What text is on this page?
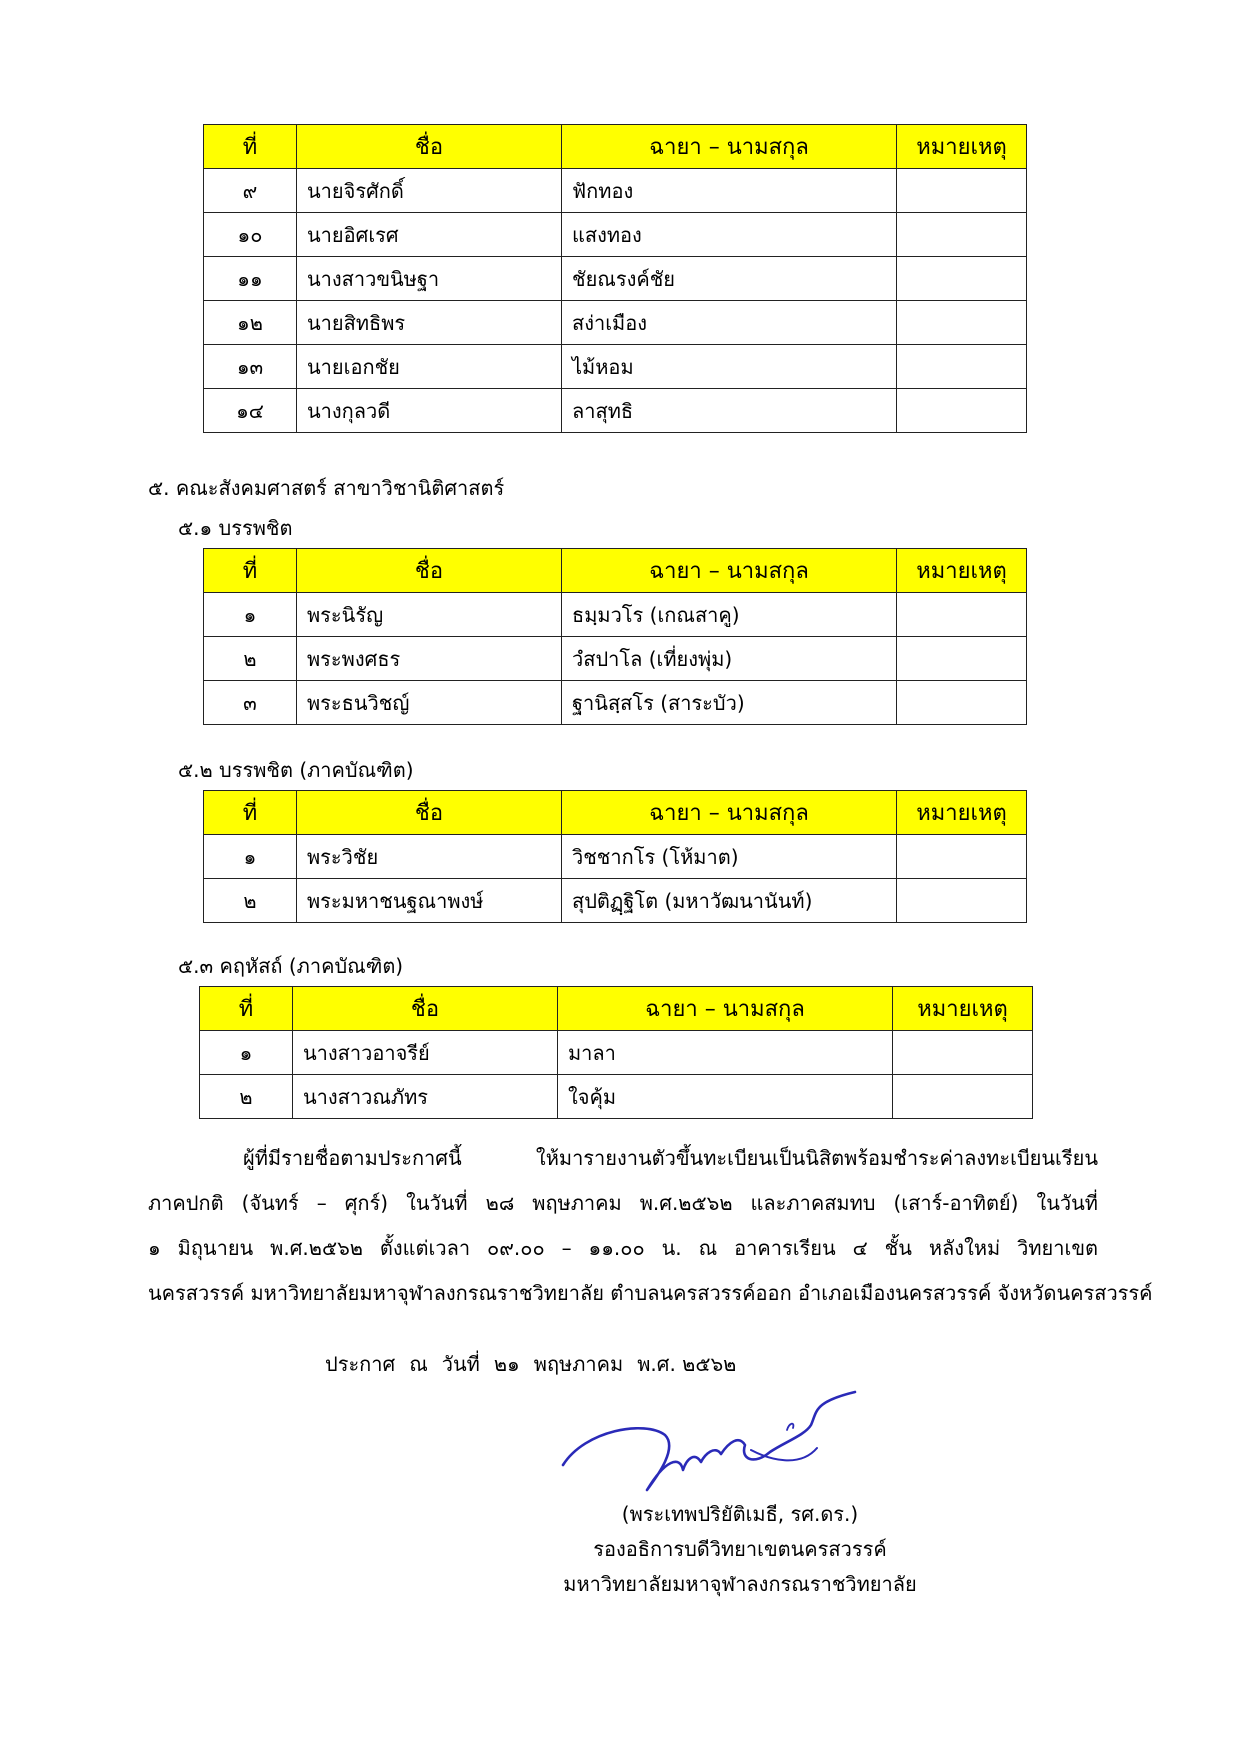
ที่	ชื่อ	ฉายา – นามสกุล	หมายเหตุ
๙	นายจิรศักดิ์	ฟักทอง	
๑๐	นายอิศเรศ	แสงทอง	
๑๑	นางสาวขนิษฐา	ชัยณรงค์ชัย	
๑๒	นายสิทธิพร	สง่าเมือง	
๑๓	นายเอกชัย	ไม้หอม	
๑๔	นางกุลวดี	ลาสุทธิ	
๕. คณะสังคมศาสตร์ สาขาวิชานิติศาสตร์
๕.๑ บรรพชิต
ที่	ชื่อ	ฉายา – นามสกุล	หมายเหตุ
๑	พระนิรัญ	ธมฺมวโร (เกณสาคู)	
๒	พระพงศธร	วํสปาโล (เที่ยงพุ่ม)	
๓	พระธนวิชญ์	ฐานิสฺสโร (สาระบัว)	
๕.๒ บรรพชิต (ภาคบัณฑิต)
ที่	ชื่อ	ฉายา – นามสกุล	หมายเหตุ
๑	พระวิชัย	วิชชากโร (โห้มาต)	
๒	พระมหาชนฐณาพงษ์	สุปติฏฺฐิโต (มหาวัฒนานันท์)	
๕.๓ คฤหัสถ์ (ภาคบัณฑิต)
ที่	ชื่อ	ฉายา – นามสกุล	หมายเหตุ
๑	นางสาวอาจรีย์	มาลา	
๒	นางสาวณภัทร	ใจคุ้ม	
ผู้ที่มีรายชื่อตามประกาศนี้ ให้มารายงานตัวขึ้นทะเบียนเป็นนิสิตพร้อมชำระค่าลงทะเบียนเรียน
ภาคปกติ (จันทร์ – ศุกร์) ในวันที่ ๒๘ พฤษภาคม พ.ศ.๒๕๖๒ และภาคสมทบ (เสาร์-อาทิตย์) ในวันที่
๑ มิถุนายน พ.ศ.๒๕๖๒ ตั้งแต่เวลา ๐๙.๐๐ – ๑๑.๐๐ น. ณ อาคารเรียน ๔ ชั้น หลังใหม่ วิทยาเขต
นครสวรรค์ มหาวิทยาลัยมหาจุฬาลงกรณราชวิทยาลัย ตำบลนครสวรรค์ออก อำเภอเมืองนครสวรรค์ จังหวัดนครสวรรค์
ประกาศ ณ วันที่ ๒๑ พฤษภาคม พ.ศ. ๒๕๖๒
(พระเทพปริยัติเมธี, รศ.ดร.)
รองอธิการบดีวิทยาเขตนครสวรรค์
มหาวิทยาลัยมหาจุฬาลงกรณราชวิทยาลัย
